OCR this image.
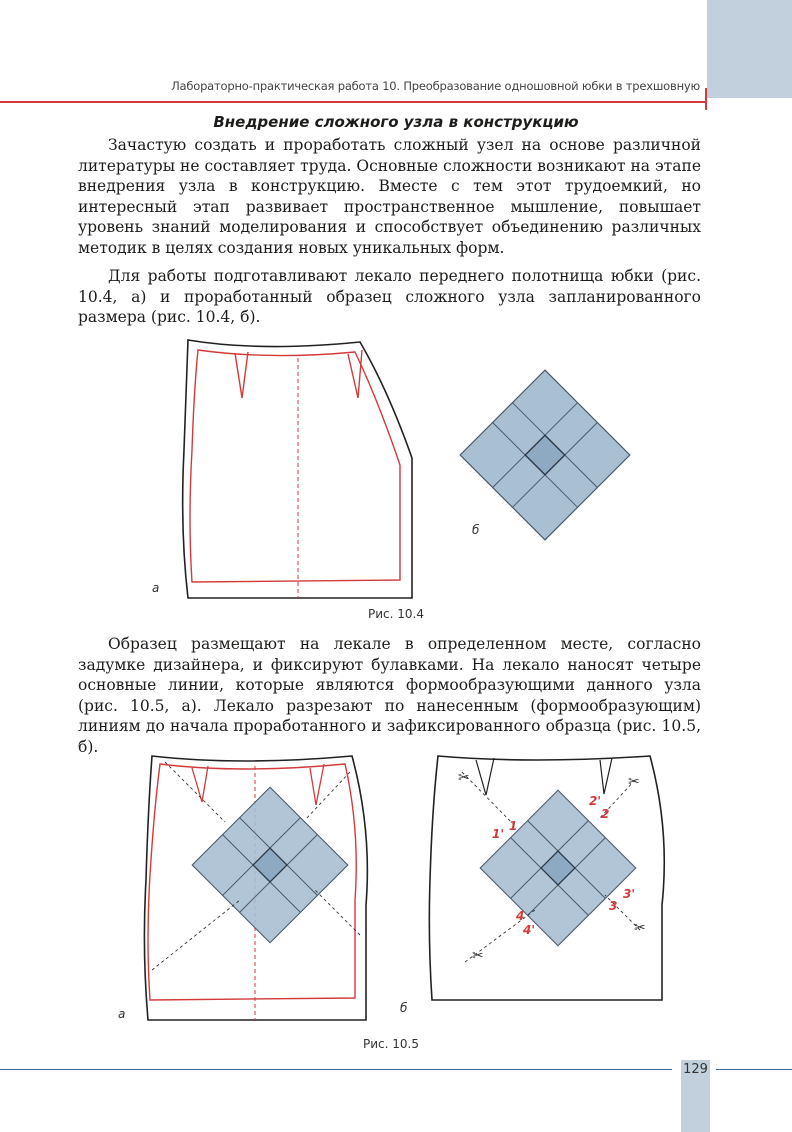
Лабораторно-практическая работа 10. Преобразование одношовной юбки в трехшовную
Внедрение сложного узла в конструкцию

Зачастую создать и проработать сложный узел на основе различной литературы не составляет труда. Основные сложности возникают на этапе внедрения узла в конструкцию. Вместе с тем этот трудоемкий, но интересный этап развивает пространственное мышление, повышает уровень знаний моделирования и способствует объединению различных методик в целях создания новых уникальных форм.

Для работы подготавливают лекало переднего полотнища юбки (рис. 10.4, а) и проработанный образец сложного узла запланированного размера (рис. 10.4, б).

а
б
Рис. 10.4

Образец размещают на лекале в определенном месте, согласно задумке дизайнера, и фиксируют булавками. На лекало наносят четыре основные линии, которые являются формообразующими данного узла (рис. 10.5, а). Лекало разрезают по нанесенным (формообразующим) линиям до начала проработанного и зафиксированного образца (рис. 10.5, б).

а
✂	✂
✂
✂
1
1'
2
2'
3
3'
4
4'
б
Рис. 10.5
129
